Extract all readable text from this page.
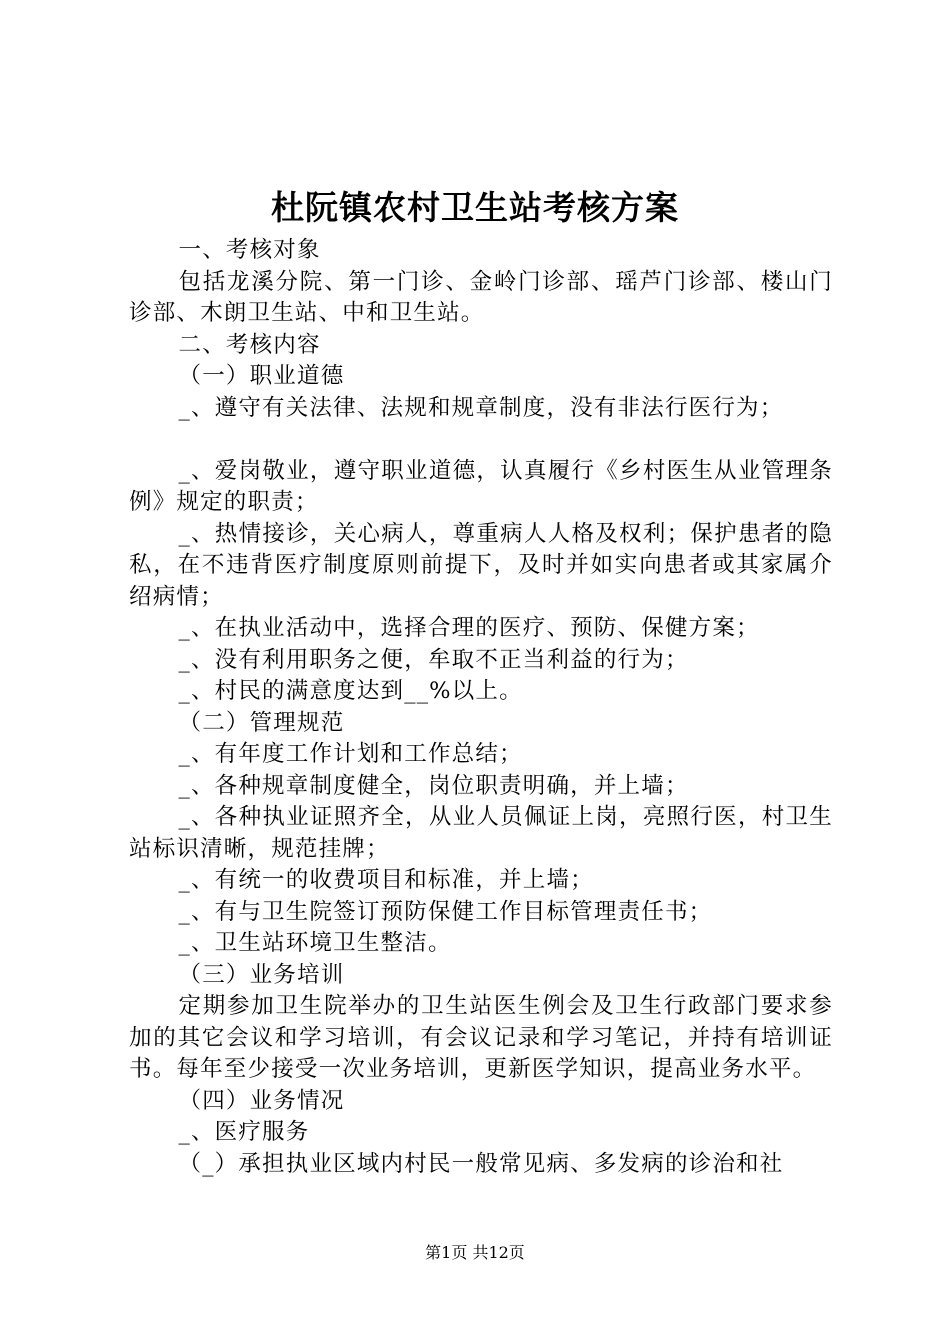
杜阮镇农村卫生站考核方案

一、考核对象

包括龙溪分院、第一门诊、金岭门诊部、瑶芦门诊部、楼山门诊部、木朗卫生站、中和卫生站。

二、考核内容

（一）职业道德

_、遵守有关法律、法规和规章制度，没有非法行医行为；

_、爱岗敬业，遵守职业道德，认真履行《乡村医生从业管理条例》规定的职责；

_、热情接诊，关心病人，尊重病人人格及权利；保护患者的隐私，在不违背医疗制度原则前提下，及时并如实向患者或其家属介绍病情；

_、在执业活动中，选择合理的医疗、预防、保健方案；

_、没有利用职务之便，牟取不正当利益的行为；

_、村民的满意度达到__%以上。

（二）管理规范

_、有年度工作计划和工作总结；

_、各种规章制度健全，岗位职责明确，并上墙；

_、各种执业证照齐全，从业人员佩证上岗，亮照行医，村卫生站标识清晰，规范挂牌；

_、有统一的收费项目和标准，并上墙；

_、有与卫生院签订预防保健工作目标管理责任书；

_、卫生站环境卫生整洁。

（三）业务培训

定期参加卫生院举办的卫生站医生例会及卫生行政部门要求参加的其它会议和学习培训，有会议记录和学习笔记，并持有培训证书。每年至少接受一次业务培训，更新医学知识，提高业务水平。

（四）业务情况

_、医疗服务

（_）承担执业区域内村民一般常见病、多发病的诊治和社

第1页 共12页
